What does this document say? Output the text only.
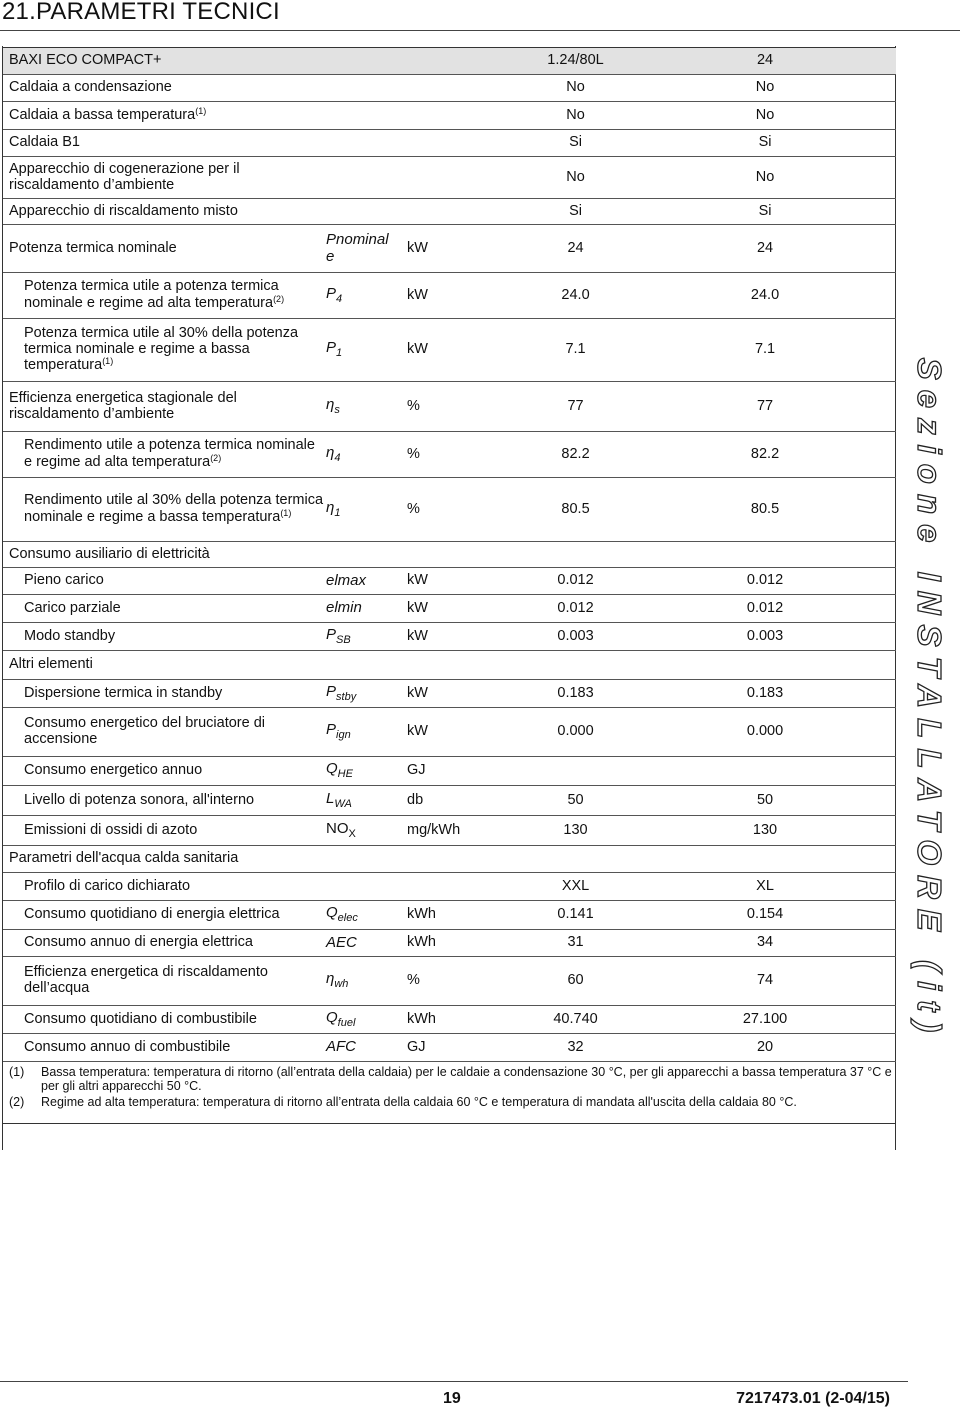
21.PARAMETRI TECNICI
BAXI ECO COMPACT+			1.24/80L	24
Caldaia a condensazione			No	No
Caldaia a bassa temperatura$^{(1)}$			No	No
Caldaia B1			Si	Si

Apparecchio di cogenerazione per il riscaldamento d’ambiente			No	No
Apparecchio di riscaldamento misto			Si	Si
Potenza termica nominale	Pnominale	kW	24	24
Potenza termica utile a potenza termica nominale e regime ad alta temperatura$^{(2)}$	$P_4$	kW	24.0	24.0
Potenza termica utile al 30% della potenza termica nominale e regime a bassa temperatura$^{(1)}$	$P_1$	kW	7.1	7.1
Efficienza energetica stagionale del riscaldamento d’ambiente	$\eta_s$	%	77	77
Rendimento utile a potenza termica nominale e regime ad alta temperatura$^{(2)}$	$\eta_4$	%	82.2	82.2
Rendimento utile al 30% della potenza termica nominale e regime a bassa temperatura$^{(1)}$	$\eta_1$	%	80.5	80.5
Consumo ausiliario di elettricità				
Pieno carico	elmax	kW	0.012	0.012
Carico parziale	elmin	kW	0.012	0.012
Modo standby	$P_{SB}$	kW	0.003	0.003
Altri elementi				
Dispersione termica in standby	$P_{stby}$	kW	0.183	0.183
Consumo energetico del bruciatore di accensione	$P_{ign}$	kW	0.000	0.000
Consumo energetico annuo	$Q_{HE}$	GJ		
Livello di potenza sonora, all'interno	$L_{WA}$	db	50	50
Emissioni di ossidi di azoto	$NO_X$	mg/kWh	130	130
Parametri dell'acqua calda sanitaria				
Profilo di carico dichiarato			XXL	XL
Consumo quotidiano di energia elettrica	$Q_{elec}$	kWh	0.141	0.154
Consumo annuo di energia elettrica	AEC	kWh	31	34

Efficienza energetica di riscaldamento dell’acqua	$\eta_{wh}$	%	60	74
Consumo quotidiano di combustibile	$Q_{fuel}$	kWh	40.740	27.100
Consumo annuo di combustibile	AFC	GJ	32	20

(1) Bassa temperatura: temperatura di ritorno (all’entrata della caldaia) per le caldaie a condensazione 30 °C, per gli apparecchi a bassa temperatura 37 °C e per gli altri apparecchi 50 °C.
(2) Regime ad alta temperatura: temperatura di ritorno all’entrata della caldaia 60 °C e temperatura di mandata all'uscita della caldaia 80 °C.				
Sezione INSTALLATORE (it)
19	7217473.01 (2-04/15)
